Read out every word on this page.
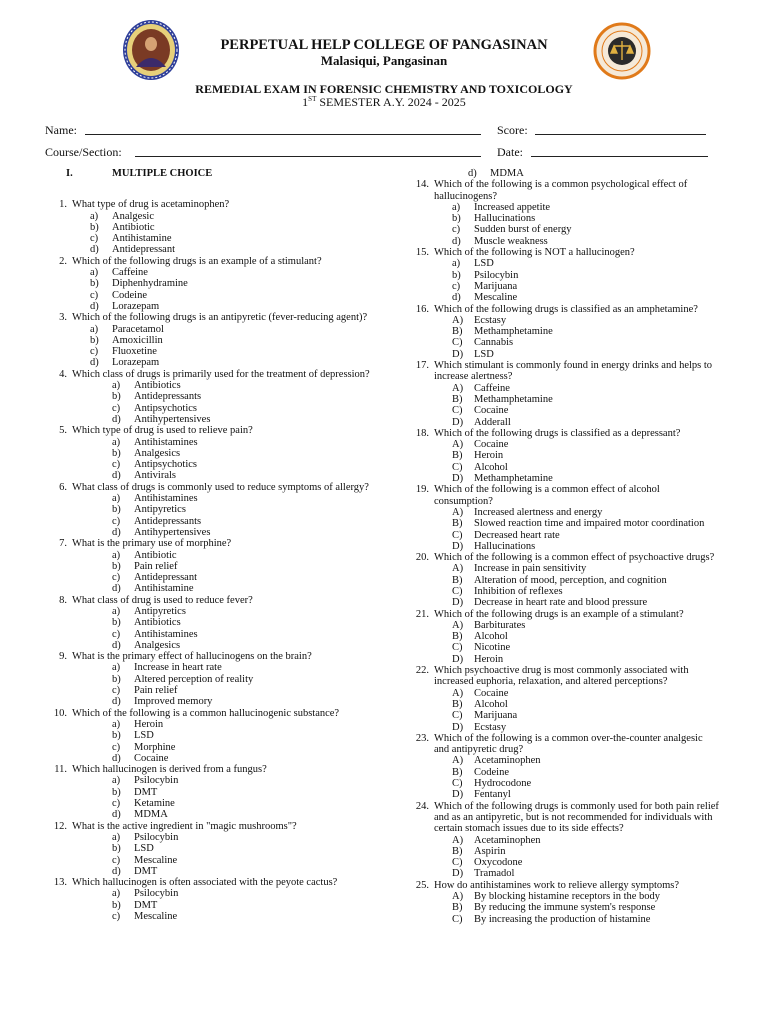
PERPETUAL HELP COLLEGE OF PANGASINAN
Malasiqui, Pangasinan
REMEDIAL EXAM IN FORENSIC CHEMISTRY AND TOXICOLOGY
1ST SEMESTER A.Y. 2024 - 2025
Name:	Score:
Course/Section:	Date:
I.	MULTIPLE CHOICE
1. What type of drug is acetaminophen?
a)	Analgesic
b)	Antibiotic
c)	Antihistamine
d)	Antidepressant
2. Which of the following drugs is an example of a stimulant?
a)	Caffeine
b)	Diphenhydramine
c)	Codeine
d)	Lorazepam
3. Which of the following drugs is an antipyretic (fever-reducing agent)?
a)	Paracetamol
b)	Amoxicillin
c)	Fluoxetine
d)	Lorazepam
4. Which class of drugs is primarily used for the treatment of depression?
a)	Antibiotics
b)	Antidepressants
c)	Antipsychotics
d)	Antihypertensives
5. Which type of drug is used to relieve pain?
a)	Antihistamines
b)	Analgesics
c)	Antipsychotics
d)	Antivirals
6. What class of drugs is commonly used to reduce symptoms of allergy?
a)	Antihistamines
b)	Antipyretics
c)	Antidepressants
d)	Antihypertensives
7. What is the primary use of morphine?
a)	Antibiotic
b)	Pain relief
c)	Antidepressant
d)	Antihistamine
8. What class of drug is used to reduce fever?
a)	Antipyretics
b)	Antibiotics
c)	Antihistamines
d)	Analgesics
9. What is the primary effect of hallucinogens on the brain?
a)	Increase in heart rate
b)	Altered perception of reality
c)	Pain relief
d)	Improved memory
10. Which of the following is a common hallucinogenic substance?
a)	Heroin
b)	LSD
c)	Morphine
d)	Cocaine
11. Which hallucinogen is derived from a fungus?
a)	Psilocybin
b)	DMT
c)	Ketamine
d)	MDMA
12. What is the active ingredient in "magic mushrooms"?
a)	Psilocybin
b)	LSD
c)	Mescaline
d)	DMT
13. Which hallucinogen is often associated with the peyote cactus?
a)	Psilocybin
b)	DMT
c)	Mescaline
d)	MDMA
14. Which of the following is a common psychological effect of hallucinogens?
a)	Increased appetite
b)	Hallucinations
c)	Sudden burst of energy
d)	Muscle weakness
15. Which of the following is NOT a hallucinogen?
a)	LSD
b)	Psilocybin
c)	Marijuana
d)	Mescaline
16. Which of the following drugs is classified as an amphetamine?
A)	Ecstasy
B)	Methamphetamine
C)	Cannabis
D)	LSD
17. Which stimulant is commonly found in energy drinks and helps to increase alertness?
A)	Caffeine
B)	Methamphetamine
C)	Cocaine
D)	Adderall
18. Which of the following drugs is classified as a depressant?
A)	Cocaine
B)	Heroin
C)	Alcohol
D)	Methamphetamine
19. Which of the following is a common effect of alcohol consumption?
A)	Increased alertness and energy
B)	Slowed reaction time and impaired motor coordination
C)	Decreased heart rate
D)	Hallucinations
20. Which of the following is a common effect of psychoactive drugs?
A)	Increase in pain sensitivity
B)	Alteration of mood, perception, and cognition
C)	Inhibition of reflexes
D)	Decrease in heart rate and blood pressure
21. Which of the following drugs is an example of a stimulant?
A)	Barbiturates
B)	Alcohol
C)	Nicotine
D)	Heroin
22. Which psychoactive drug is most commonly associated with increased euphoria, relaxation, and altered perceptions?
A)	Cocaine
B)	Alcohol
C)	Marijuana
D)	Ecstasy
23. Which of the following is a common over-the-counter analgesic and antipyretic drug?
A)	Acetaminophen
B)	Codeine
C)	Hydrocodone
D)	Fentanyl
24. Which of the following drugs is commonly used for both pain relief and as an antipyretic, but is not recommended for individuals with certain stomach issues due to its side effects?
A)	Acetaminophen
B)	Aspirin
C)	Oxycodone
D)	Tramadol
25. How do antihistamines work to relieve allergy symptoms?
A)	By blocking histamine receptors in the body
B)	By reducing the immune system's response
C)	By increasing the production of histamine
